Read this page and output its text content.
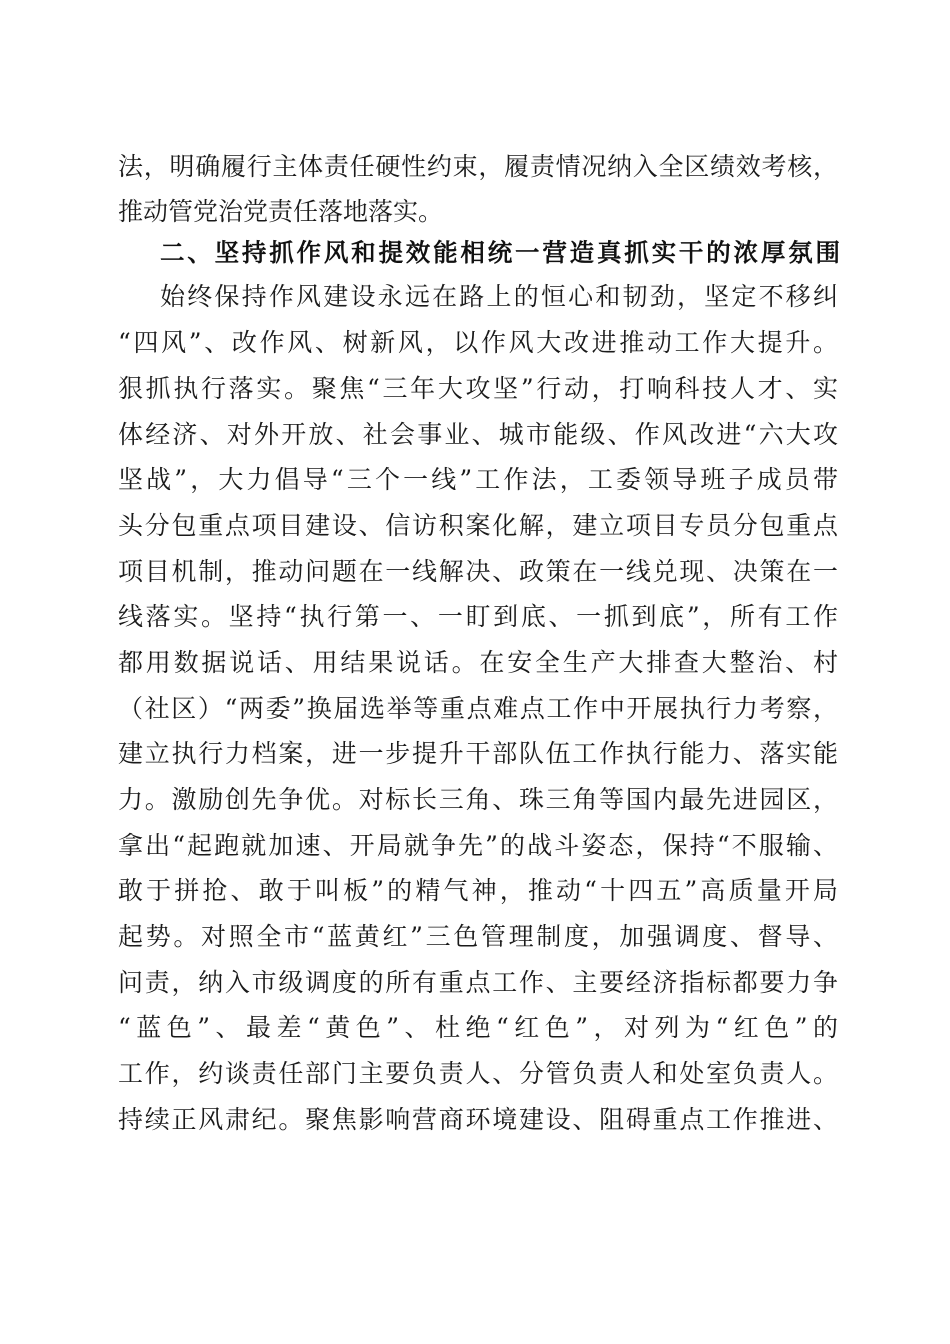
法，明确履行主体责任硬性约束，履责情况纳入全区绩效考核，
推动管党治党责任落地落实。
二、坚持抓作风和提效能相统一营造真抓实干的浓厚氛围
始终保持作风建设永远在路上的恒心和韧劲，坚定不移纠
“四风”、改作风、树新风，以作风大改进推动工作大提升。
狠抓执行落实。聚焦“三年大攻坚”行动，打响科技人才、实
体经济、对外开放、社会事业、城市能级、作风改进“六大攻
坚战”，大力倡导“三个一线”工作法，工委领导班子成员带
头分包重点项目建设、信访积案化解，建立项目专员分包重点
项目机制，推动问题在一线解决、政策在一线兑现、决策在一
线落实。坚持“执行第一、一盯到底、一抓到底”，所有工作
都用数据说话、用结果说话。在安全生产大排查大整治、村
（社区）“两委”换届选举等重点难点工作中开展执行力考察，
建立执行力档案，进一步提升干部队伍工作执行能力、落实能
力。激励创先争优。对标长三角、珠三角等国内最先进园区，
拿出“起跑就加速、开局就争先”的战斗姿态，保持“不服输、
敢于拼抢、敢于叫板”的精气神，推动“十四五”高质量开局
起势。对照全市“蓝黄红”三色管理制度，加强调度、督导、
问责，纳入市级调度的所有重点工作、主要经济指标都要力争
“蓝色”、最差“黄色”、杜绝“红色”，对列为“红色”的
工作，约谈责任部门主要负责人、分管负责人和处室负责人。
持续正风肃纪。聚焦影响营商环境建设、阻碍重点工作推进、
